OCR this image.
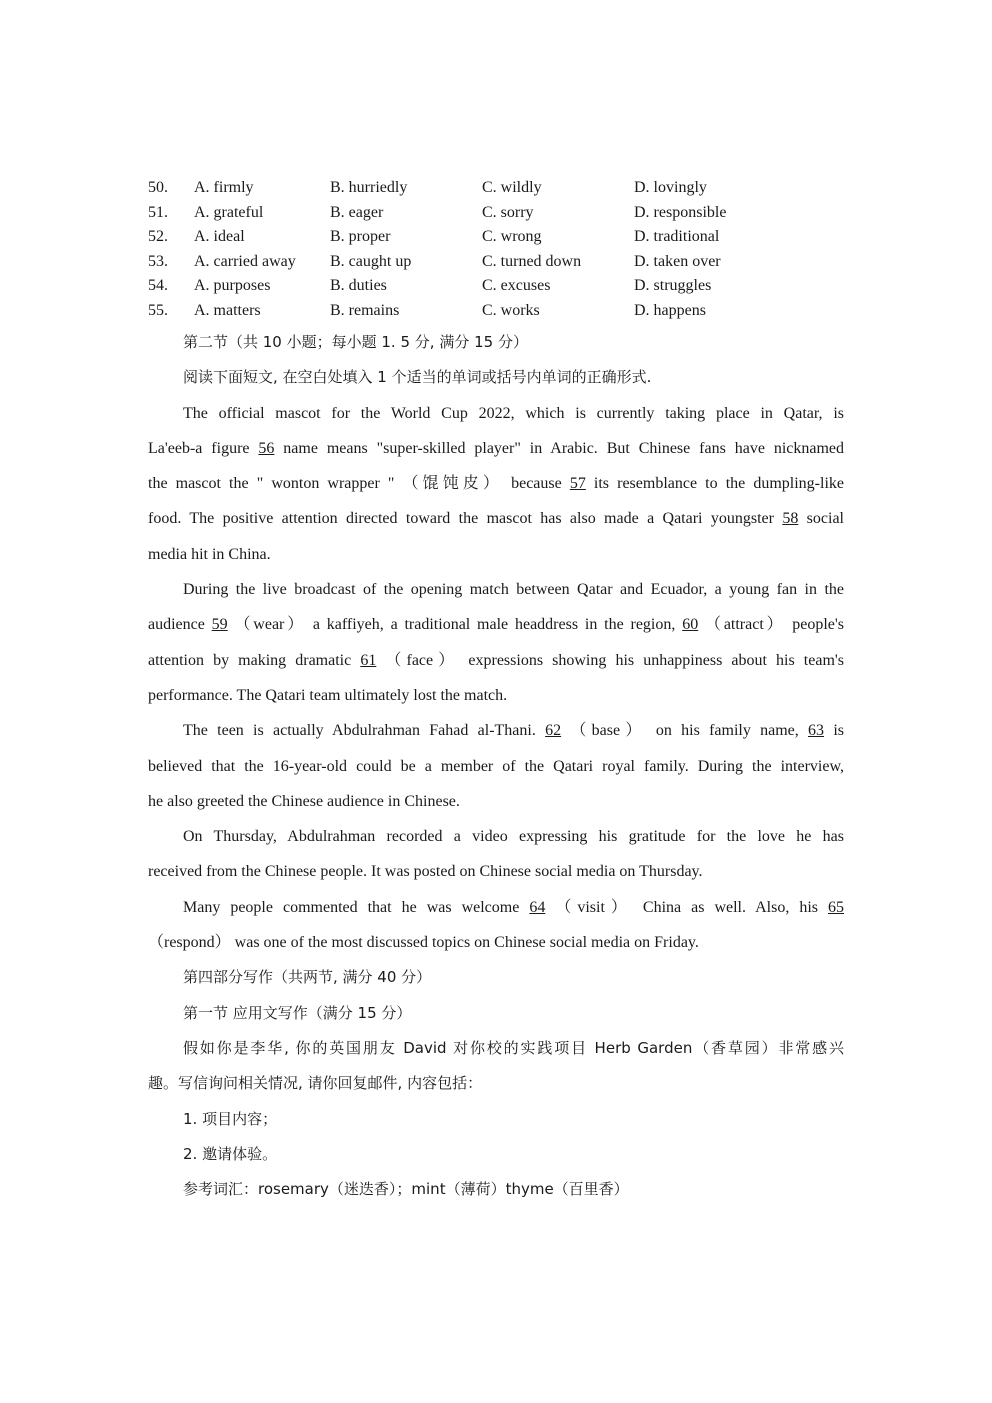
50.	A. firmly	B. hurriedly	C. wildly	D. lovingly
51.	A. grateful	B. eager	C. sorry	D. responsible
52.	A. ideal	B. proper	C. wrong	D. traditional
53.	A. carried away	B. caught up	C. turned down	D. taken over
54.	A. purposes	B. duties	C. excuses	D. struggles
55.	A. matters	B. remains	C. works	D. happens
第二节（共 10 小题；每小题 1. 5 分, 满分 15 分）
阅读下面短文, 在空白处填入 1 个适当的单词或括号内单词的正确形式.
The official mascot for the World Cup 2022, which is currently taking place in Qatar, is
La'eeb-a figure 56 name means "super-skilled player" in Arabic. But Chinese fans have nicknamed
the mascot the " wonton wrapper " （馄饨皮） because 57 its resemblance to the dumpling-like
food. The positive attention directed toward the mascot has also made a Qatari youngster 58 social
media hit in China.
During the live broadcast of the opening match between Qatar and Ecuador, a young fan in the
audience 59 （wear） a kaffiyeh, a traditional male headdress in the region, 60 （attract） people's
attention by making dramatic 61 （face） expressions showing his unhappiness about his team's
performance. The Qatari team ultimately lost the match.
The teen is actually Abdulrahman Fahad al-Thani. 62 （base） on his family name, 63 is
believed that the 16-year-old could be a member of the Qatari royal family. During the interview,
he also greeted the Chinese audience in Chinese.
On Thursday, Abdulrahman recorded a video expressing his gratitude for the love he has
received from the Chinese people. It was posted on Chinese social media on Thursday.
Many people commented that he was welcome 64 （visit） China as well. Also, his 65
（respond） was one of the most discussed topics on Chinese social media on Friday.
第四部分写作（共两节, 满分 40 分）
第一节 应用文写作（满分 15 分）
假如你是李华, 你的英国朋友 David 对你校的实践项目 Herb Garden（香草园）非常感兴
趣。写信询问相关情况, 请你回复邮件, 内容包括：
1. 项目内容；
2. 邀请体验。
参考词汇：rosemary（迷迭香）；mint（薄荷）thyme（百里香）
